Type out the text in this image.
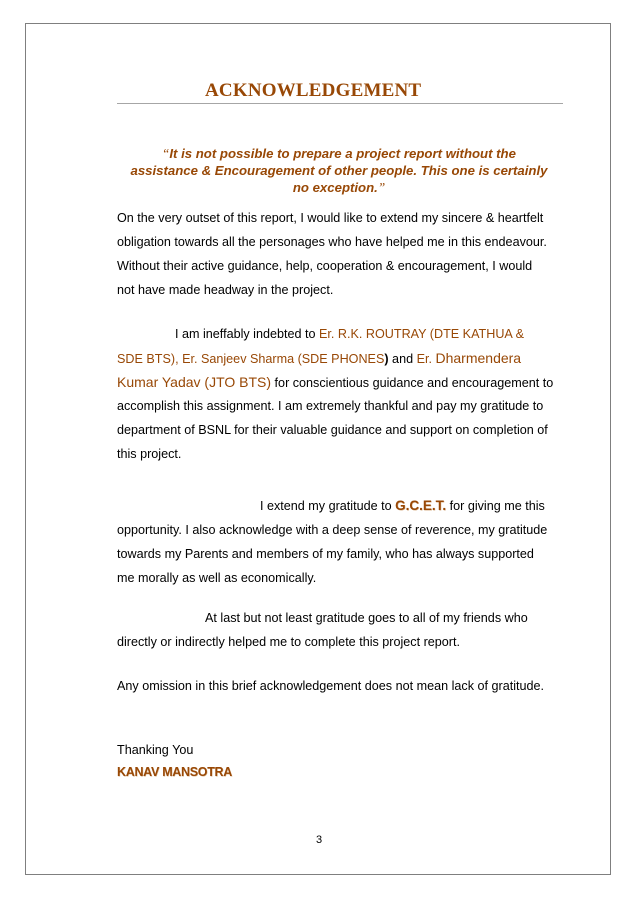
ACKNOWLEDGEMENT
“It is not possible to prepare a project report without the
assistance & Encouragement of other people. This one is certainly
no exception.”
On the very outset of this report, I would like to extend my sincere & heartfelt
obligation towards all the personages who have helped me in this endeavour.
Without their active guidance, help, cooperation & encouragement, I would
not have made headway in the project.
I am ineffably indebted to Er. R.K. ROUTRAY (DTE KATHUA &
SDE BTS), Er. Sanjeev Sharma (SDE PHONES) and Er. Dharmendera
Kumar Yadav (JTO BTS) for conscientious guidance and encouragement to
accomplish this assignment. I am extremely thankful and pay my gratitude to
department of BSNL for their valuable guidance and support on completion of
this project.
I extend my gratitude to G.C.E.T. for giving me this
opportunity. I also acknowledge with a deep sense of reverence, my gratitude
towards my Parents and members of my family, who has always supported
me morally as well as economically.
At last but not least gratitude goes to all of my friends who
directly or indirectly helped me to complete this project report.
Any omission in this brief acknowledgement does not mean lack of gratitude.
Thanking You
KANAV MANSOTRA
3
